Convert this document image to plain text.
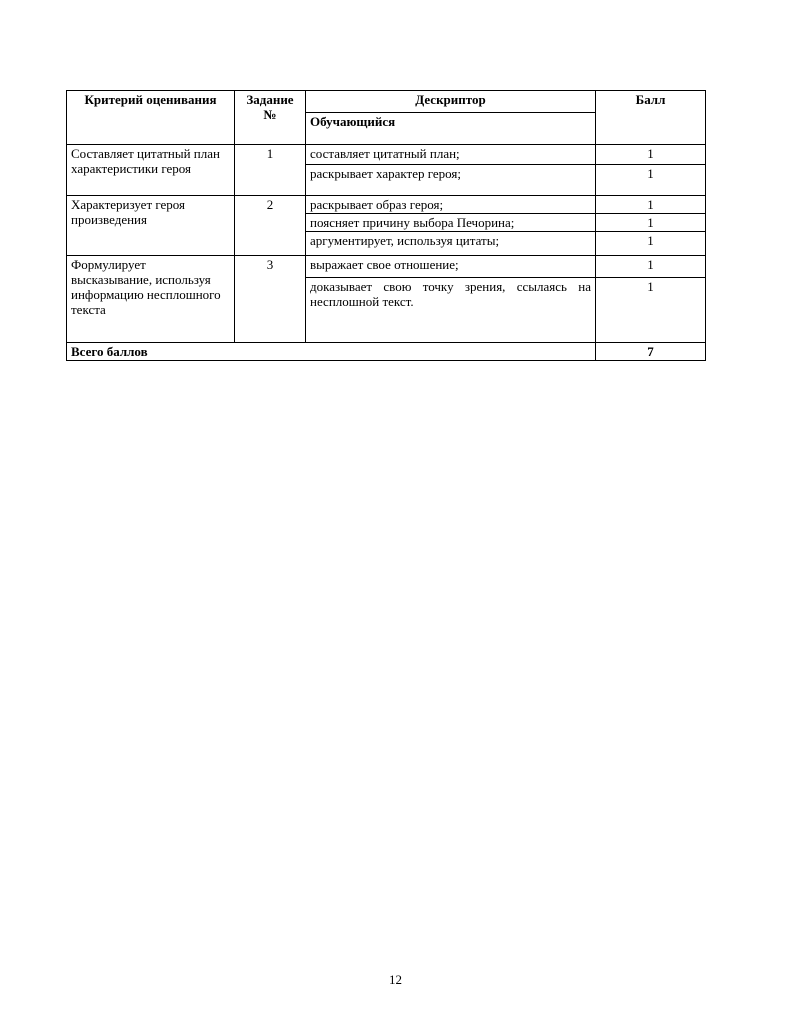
Критерий оценивания	Задание №	Дескриптор	Балл
		Обучающийся	
Составляет цитатный план характеристики героя	1	составляет цитатный план;	1
		раскрывает характер героя;	1
Характеризует героя произведения	2	раскрывает образ героя;	1
		поясняет причину выбора Печорина;	1
		аргументирует, используя цитаты;	1
Формулирует высказывание, используя информацию несплошного текста	3	выражает свое отношение;	1
		доказывает свою точку зрения, ссылаясь на несплошной текст.	1
Всего баллов			7
12
